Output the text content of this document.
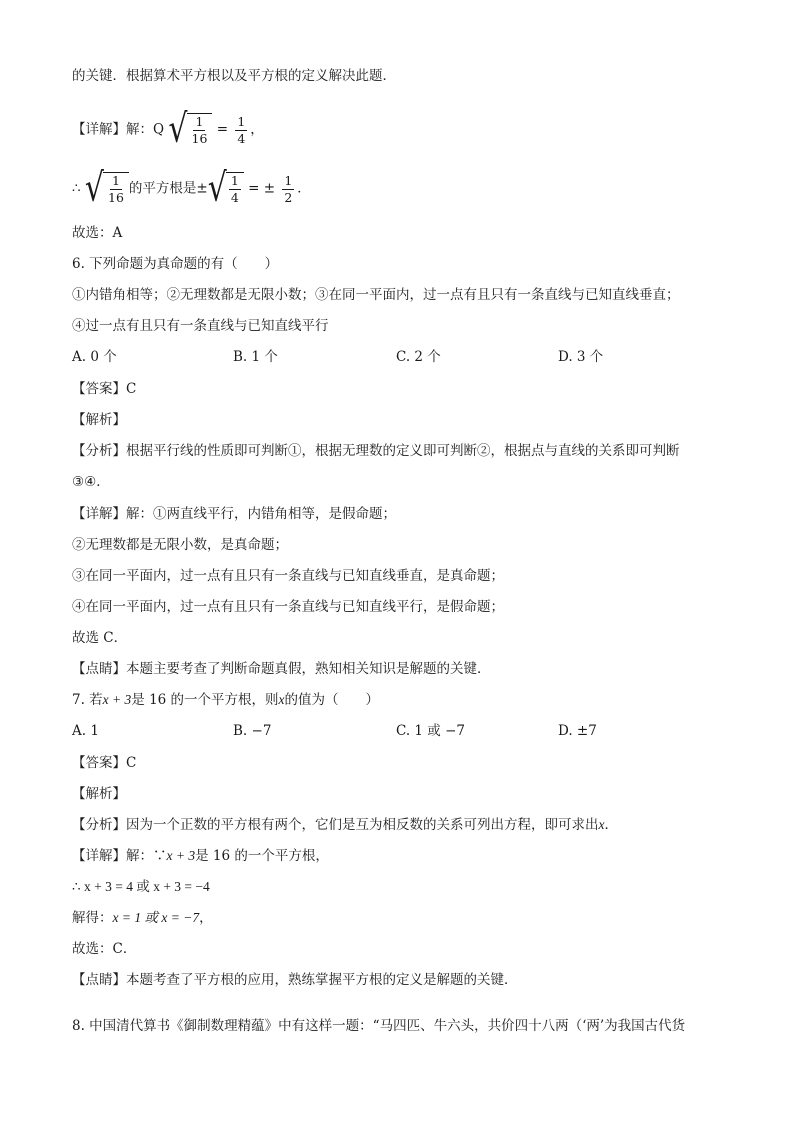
的关键．根据算术平方根以及平方根的定义解决此题．
【详解】解：Q √ $\frac{1}{16} = \frac{1}{4}$ ，
∴ √ $\frac{1}{16}$ 的平方根是± √ $\frac{1}{4}$ = ± $\frac{1}{2}$ ．
故选：A
6. 下列命题为真命题的有（　　）
①内错角相等；②无理数都是无限小数；③在同一平面内，过一点有且只有一条直线与已知直线垂直；
④过一点有且只有一条直线与已知直线平行
A. 0 个	B. 1 个	C. 2 个	D. 3 个
【答案】C
【解析】
【分析】根据平行线的性质即可判断①，根据无理数的定义即可判断②，根据点与直线的关系即可判断
③④．
【详解】解：①两直线平行，内错角相等，是假命题；
②无理数都是无限小数，是真命题；
③在同一平面内，过一点有且只有一条直线与已知直线垂直，是真命题；
④在同一平面内，过一点有且只有一条直线与已知直线平行，是假命题；
故选 C．
【点睛】本题主要考查了判断命题真假，熟知相关知识是解题的关键．
7. 若x + 3是 16 的一个平方根，则x的值为（　　）
A. 1	B. −7	C. 1 或 −7	D. ±7
【答案】C
【解析】
【分析】因为一个正数的平方根有两个，它们是互为相反数的关系可列出方程，即可求出x．
【详解】解：∵x + 3是 16 的一个平方根，
∴ x + 3 = 4 或 x + 3 = −4
解得：x = 1 或 x = −7，
故选：C．
【点睛】本题考查了平方根的应用，熟练掌握平方根的定义是解题的关键．
8. 中国清代算书《御制数理精蕴》中有这样一题：“马四匹、牛六头，共价四十八两（‘两’为我国古代货
